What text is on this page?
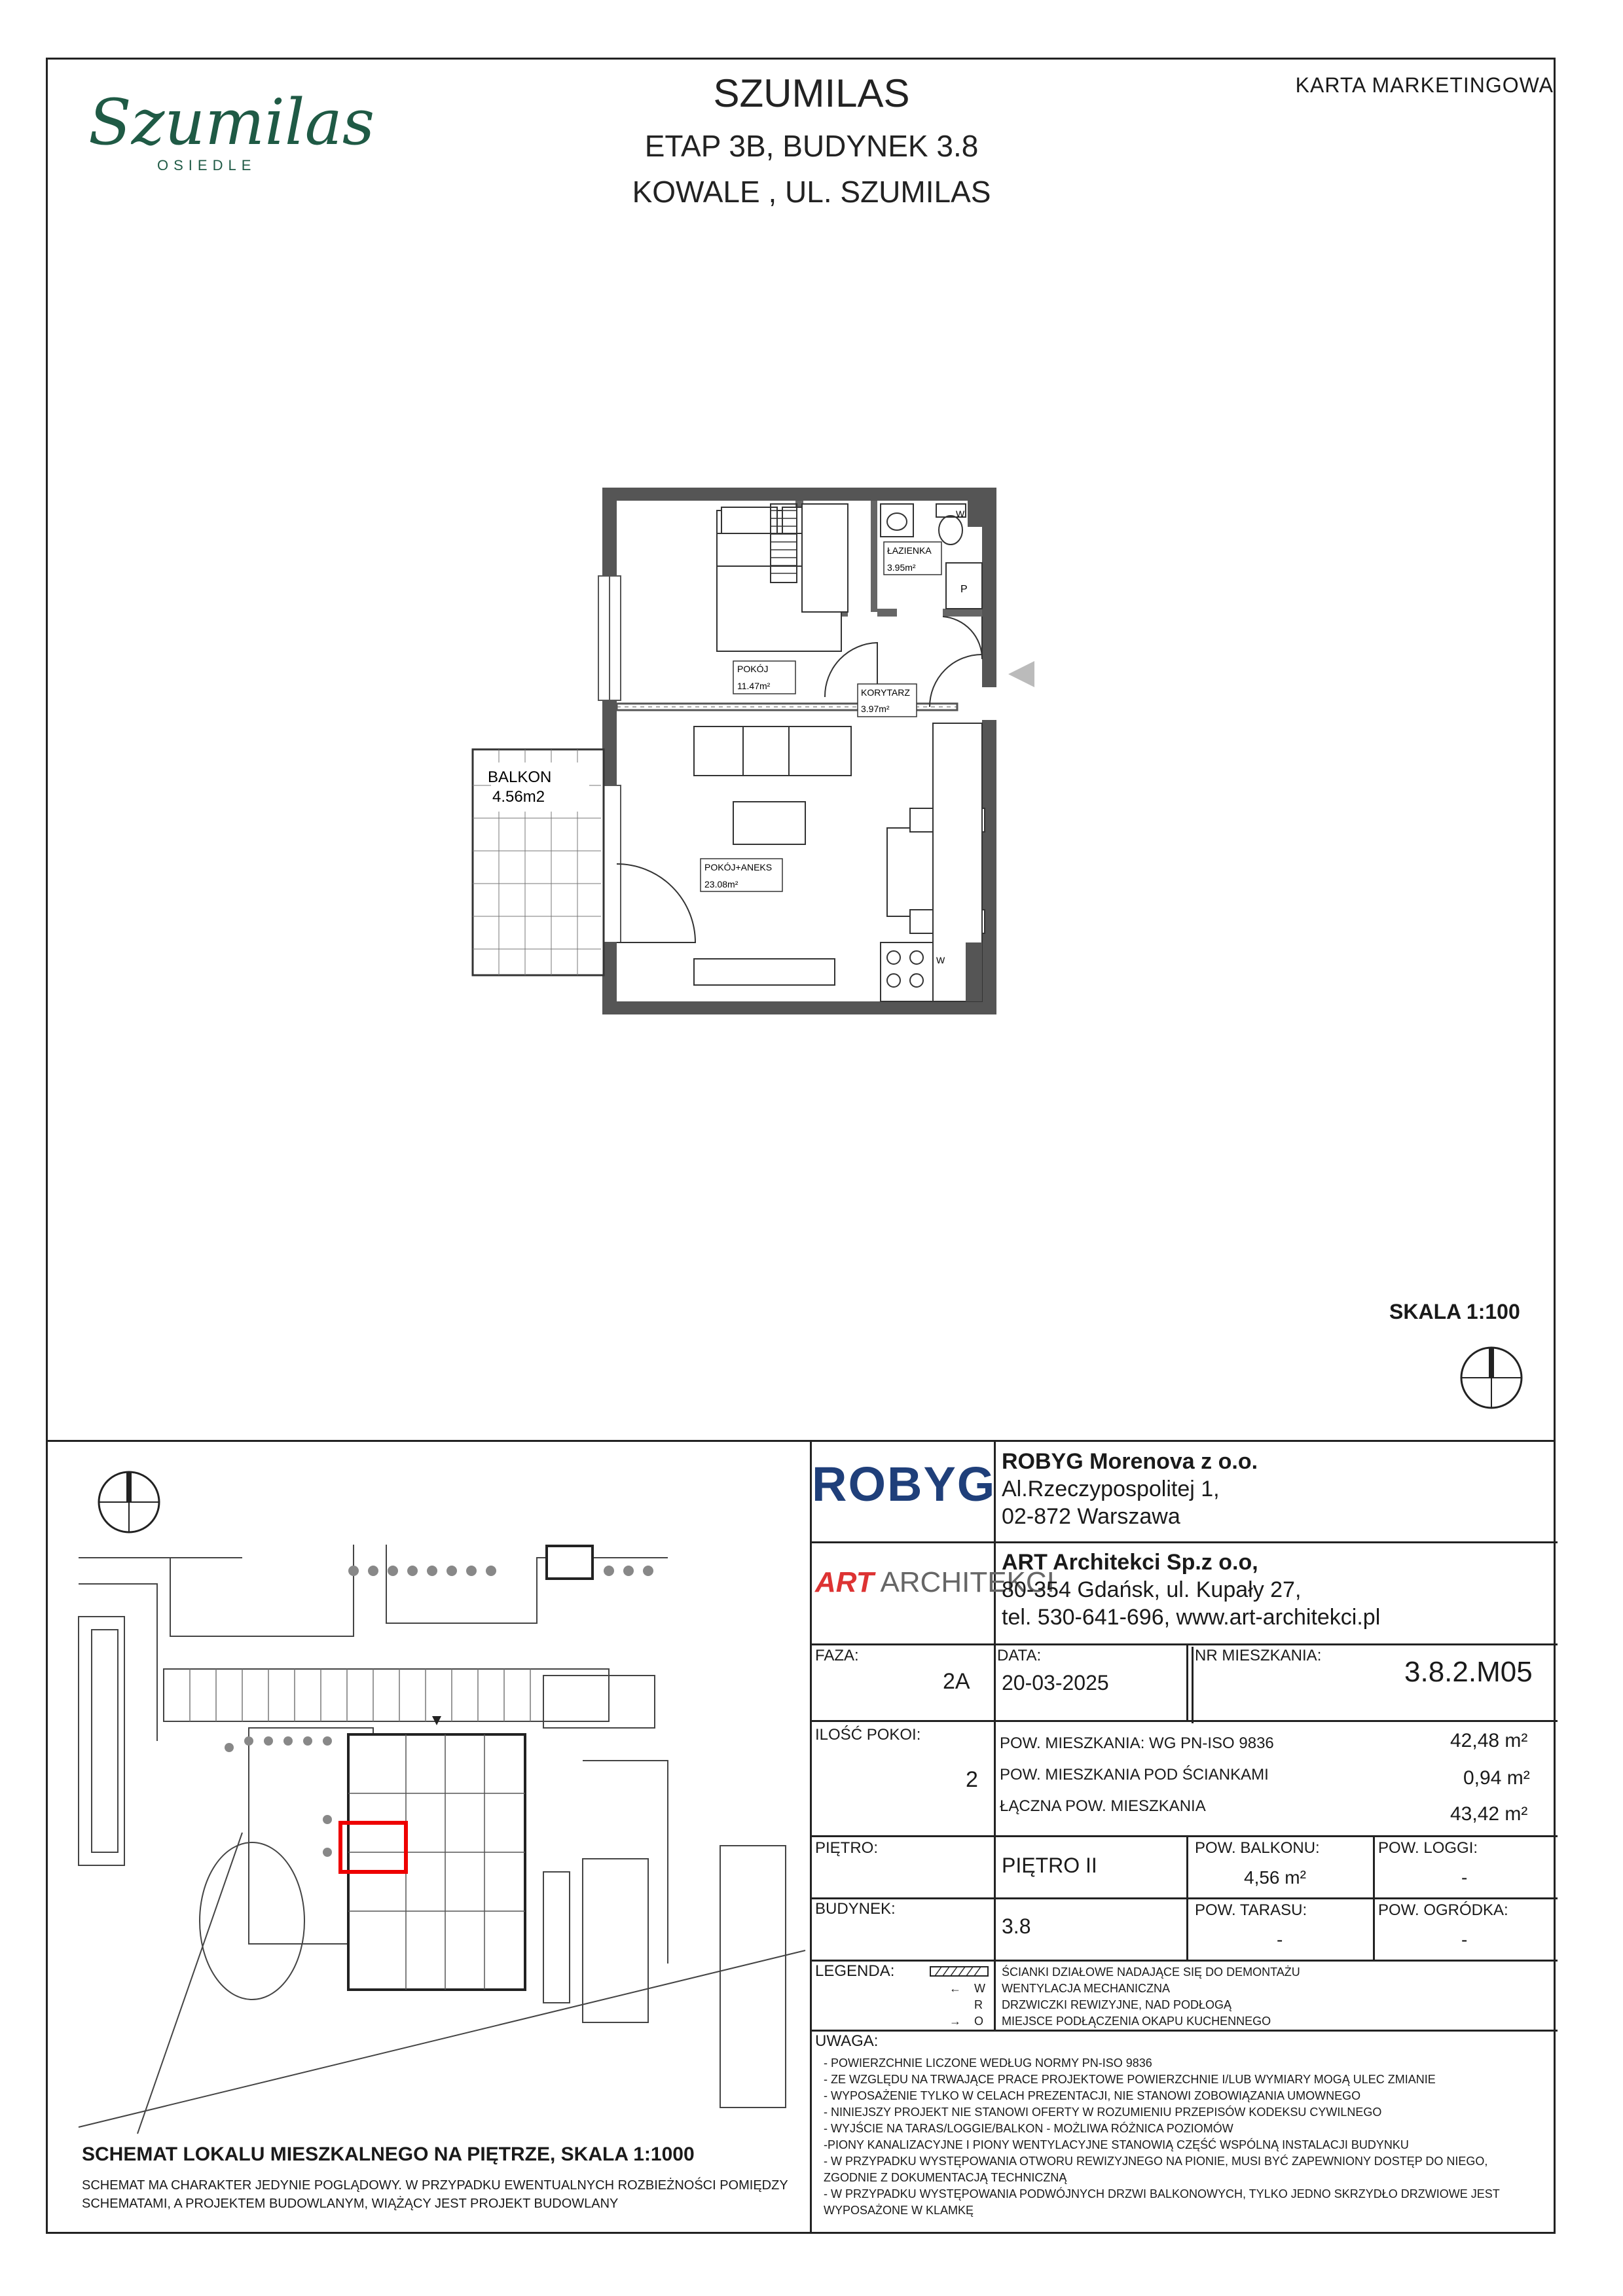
Szumilas
OSIEDLE
SZUMILAS
ETAP 3B, BUDYNEK 3.8
KOWALE , UL. SZUMILAS
KARTA MARKETINGOWA
W
P
W
POKÓJ
11.47m²
ŁAZIENKA
3.95m²
KORYTARZ
3.97m²
POKÓJ+ANEKS
23.08m²
BALKON
4.56m2
SKALA 1:100
SCHEMAT LOKALU MIESZKALNEGO NA PIĘTRZE, SKALA 1:1000
SCHEMAT MA CHARAKTER JEDYNIE POGLĄDOWY. W PRZYPADKU EWENTUALNYCH ROZBIEŻNOŚCI POMIĘDZY SCHEMATAMI, A PROJEKTEM BUDOWLANYM, WIĄŻĄCY JEST PROJEKT BUDOWLANY
ROBYG ROBYG Morenova z o.o.
Al.Rzeczypospolitej 1,
02-872 Warszawa
ART ARCHITEKCI
ART Architekci Sp.z o.o,
80-354 Gdańsk, ul. Kupały 27,
tel. 530-641-696, www.art-architekci.pl
FAZA:
2A
DATA:
20-03-2025
NR MIESZKANIA:
3.8.2.M05
ILOŚĆ POKOI:
2
POW. MIESZKANIA: WG PN-ISO 9836	42,48 m²
POW. MIESZKANIA POD ŚCIANKAMI	0,94 m²
ŁĄCZNA POW. MIESZKANIA	43,42 m²
PIĘTRO:
PIĘTRO II
POW. BALKONU:
4,56 m²
POW. LOGGI:
-
BUDYNEK:
3.8
POW. TARASU:
-
POW. OGRÓDKA:
-
LEGENDA:	ŚCIANKI DZIAŁOWE NADAJĄCE SIĘ DO DEMONTAŻU
W
←	WENTYLACJA MECHANICZNA
R DRZWICZKI REWIZYJNE, NAD PODŁOGĄ
O
→	MIEJSCE PODŁĄCZENIA OKAPU KUCHENNEGO
UWAGA:
- POWIERZCHNIE LICZONE WEDŁUG NORMY PN-ISO 9836
- ZE WZGLĘDU NA TRWAJĄCE PRACE PROJEKTOWE POWIERZCHNIE I/LUB WYMIARY MOGĄ ULEC ZMIANIE
- WYPOSAŻENIE TYLKO W CELACH PREZENTACJI, NIE STANOWI ZOBOWIĄZANIA UMOWNEGO
- NINIEJSZY PROJEKT NIE STANOWI OFERTY W ROZUMIENIU PRZEPISÓW KODEKSU CYWILNEGO
- WYJŚCIE NA TARAS/LOGGIE/BALKON - MOŻLIWA RÓŻNICA POZIOMÓW
-PIONY KANALIZACYJNE I PIONY WENTYLACYJNE STANOWIĄ CZĘŚĆ WSPÓLNĄ INSTALACJI BUDYNKU
- W PRZYPADKU WYSTĘPOWANIA OTWORU REWIZYJNEGO NA PIONIE, MUSI BYĆ ZAPEWNIONY DOSTĘP DO NIEGO, ZGODNIE Z DOKUMENTACJĄ TECHNICZNĄ
- W PRZYPADKU WYSTĘPOWANIA PODWÓJNYCH DRZWI BALKONOWYCH, TYLKO JEDNO SKRZYDŁO DRZWIOWE JEST WYPOSAŻONE W KLAMKĘ
